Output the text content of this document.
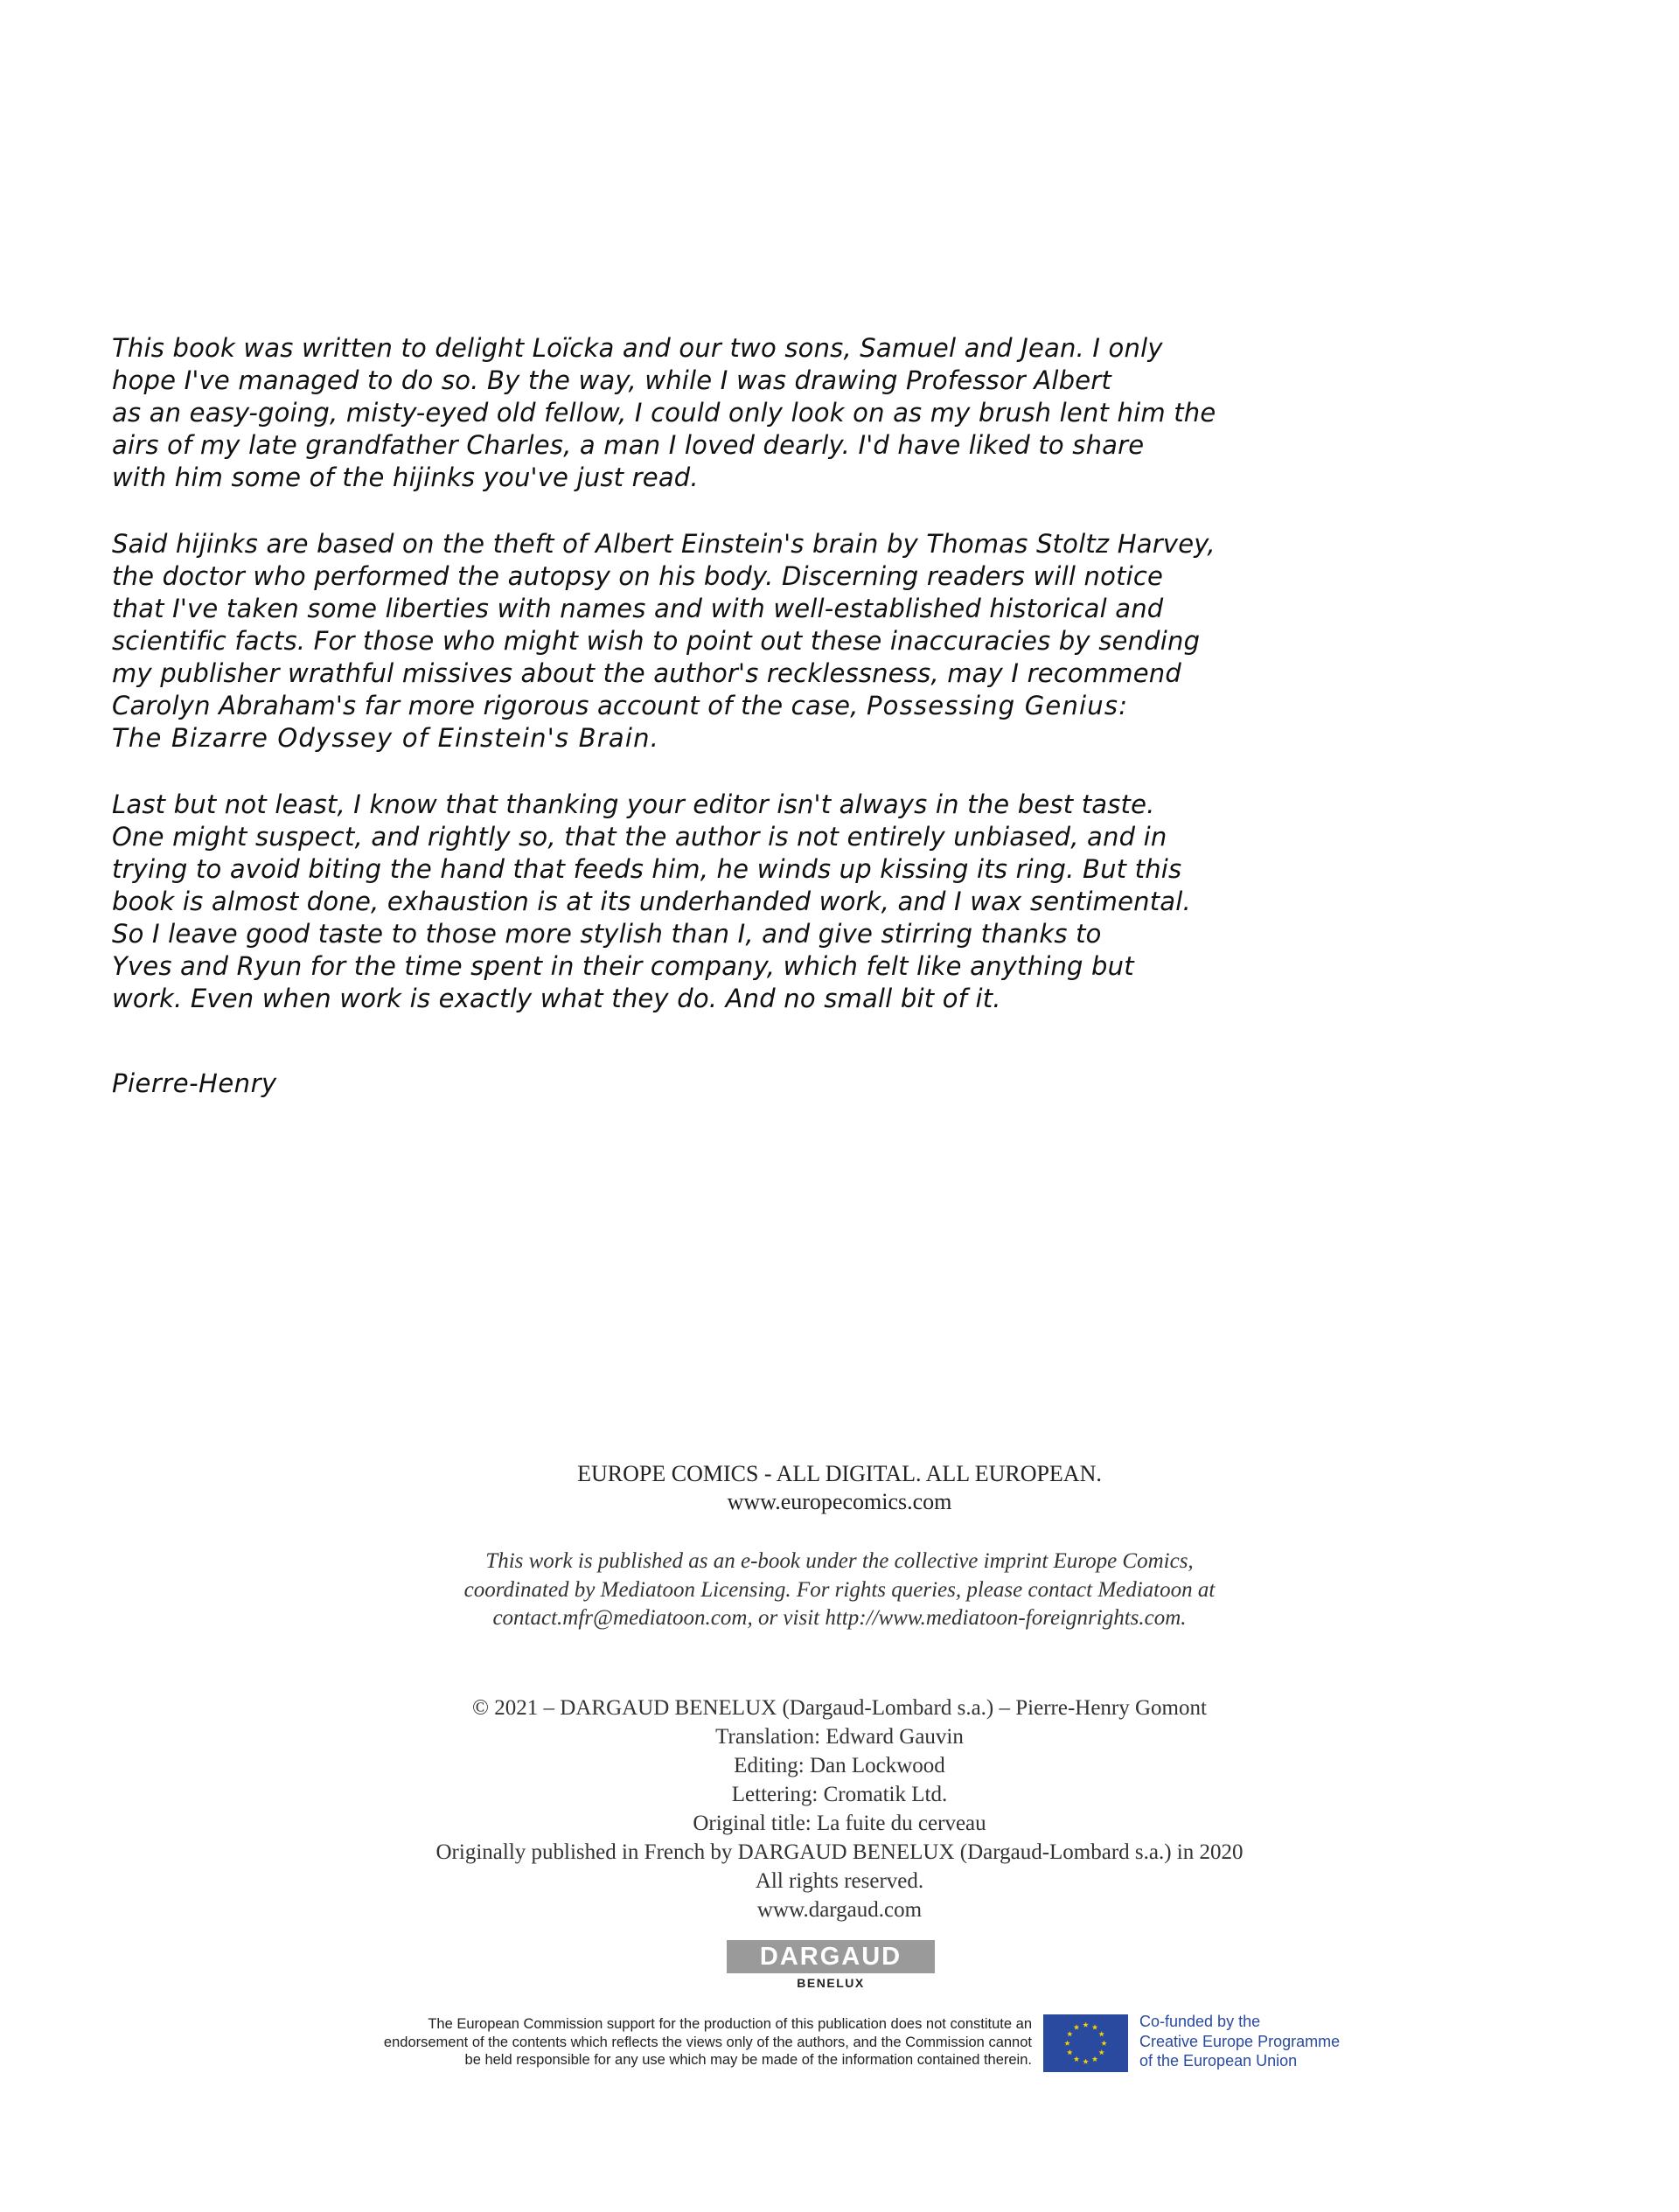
This book was written to delight Loïcka and our two sons, Samuel and Jean. I only
hope I've managed to do so. By the way, while I was drawing Professor Albert
as an easy-going, misty-eyed old fellow, I could only look on as my brush lent him the
airs of my late grandfather Charles, a man I loved dearly. I'd have liked to share
with him some of the hijinks you've just read.
Said hijinks are based on the theft of Albert Einstein's brain by Thomas Stoltz Harvey,
the doctor who performed the autopsy on his body. Discerning readers will notice
that I've taken some liberties with names and with well-established historical and
scientific facts. For those who might wish to point out these inaccuracies by sending
my publisher wrathful missives about the author's recklessness, may I recommend
Carolyn Abraham's far more rigorous account of the case, Possessing Genius:
The Bizarre Odyssey of Einstein's Brain.
Last but not least, I know that thanking your editor isn't always in the best taste.
One might suspect, and rightly so, that the author is not entirely unbiased, and in
trying to avoid biting the hand that feeds him, he winds up kissing its ring. But this
book is almost done, exhaustion is at its underhanded work, and I wax sentimental.
So I leave good taste to those more stylish than I, and give stirring thanks to
Yves and Ryun for the time spent in their company, which felt like anything but
work. Even when work is exactly what they do. And no small bit of it.
Pierre-Henry
EUROPE COMICS - ALL DIGITAL. ALL EUROPEAN.
www.europecomics.com
This work is published as an e-book under the collective imprint Europe Comics,
coordinated by Mediatoon Licensing. For rights queries, please contact Mediatoon at
contact.mfr@mediatoon.com, or visit http://www.mediatoon-foreignrights.com.
© 2021 – DARGAUD BENELUX (Dargaud-Lombard s.a.) – Pierre-Henry Gomont
Translation: Edward Gauvin
Editing: Dan Lockwood
Lettering: Cromatik Ltd.
Original title: La fuite du cerveau
Originally published in French by DARGAUD BENELUX (Dargaud-Lombard s.a.) in 2020
All rights reserved.
www.dargaud.com
DARGAUD
BENELUX
The European Commission support for the production of this publication does not constitute an
endorsement of the contents which reflects the views only of the authors, and the Commission cannot
be held responsible for any use which may be made of the information contained therein.
Co-funded by the
Creative Europe Programme
of the European Union
